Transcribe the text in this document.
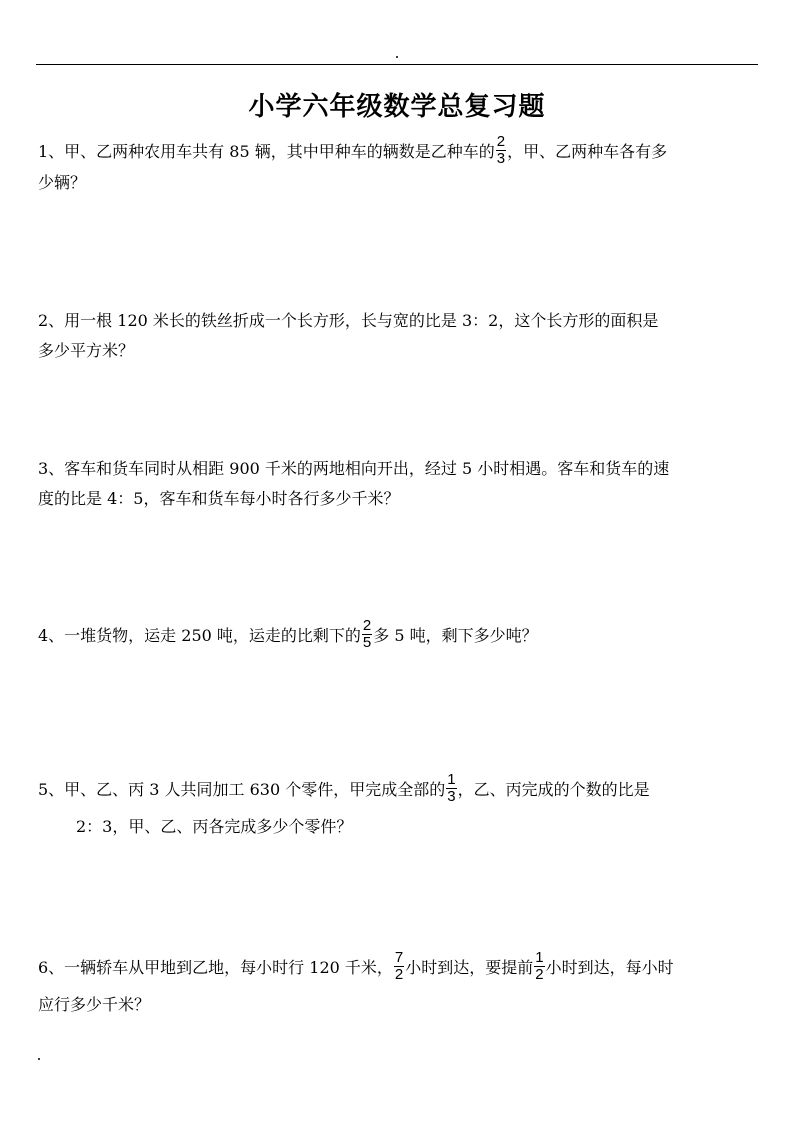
小学六年级数学总复习题
1、甲、乙两种农用车共有 85 辆，其中甲种车的辆数是乙种车的 $\frac{2}{3}$ ，甲、乙两种车各有多
少辆？
2、用一根 120 米长的铁丝折成一个长方形，长与宽的比是 3：2，这个长方形的面积是
多少平方米？
3、客车和货车同时从相距 900 千米的两地相向开出，经过 5 小时相遇。客车和货车的速
度的比是 4：5，客车和货车每小时各行多少千米？
4、一堆货物，运走 250 吨，运走的比剩下的 $\frac{2}{5}$ 多 5 吨，剩下多少吨？
5、甲、乙、丙 3 人共同加工 630 个零件，甲完成全部的 $\frac{1}{3}$ ，乙、丙完成的个数的比是
2：3，甲、乙、丙各完成多少个零件？
6、一辆轿车从甲地到乙地，每小时行 120 千米， $\frac{7}{2}$ 小时到达，要提前 $\frac{1}{2}$ 小时到达，每小时
应行多少千米？
